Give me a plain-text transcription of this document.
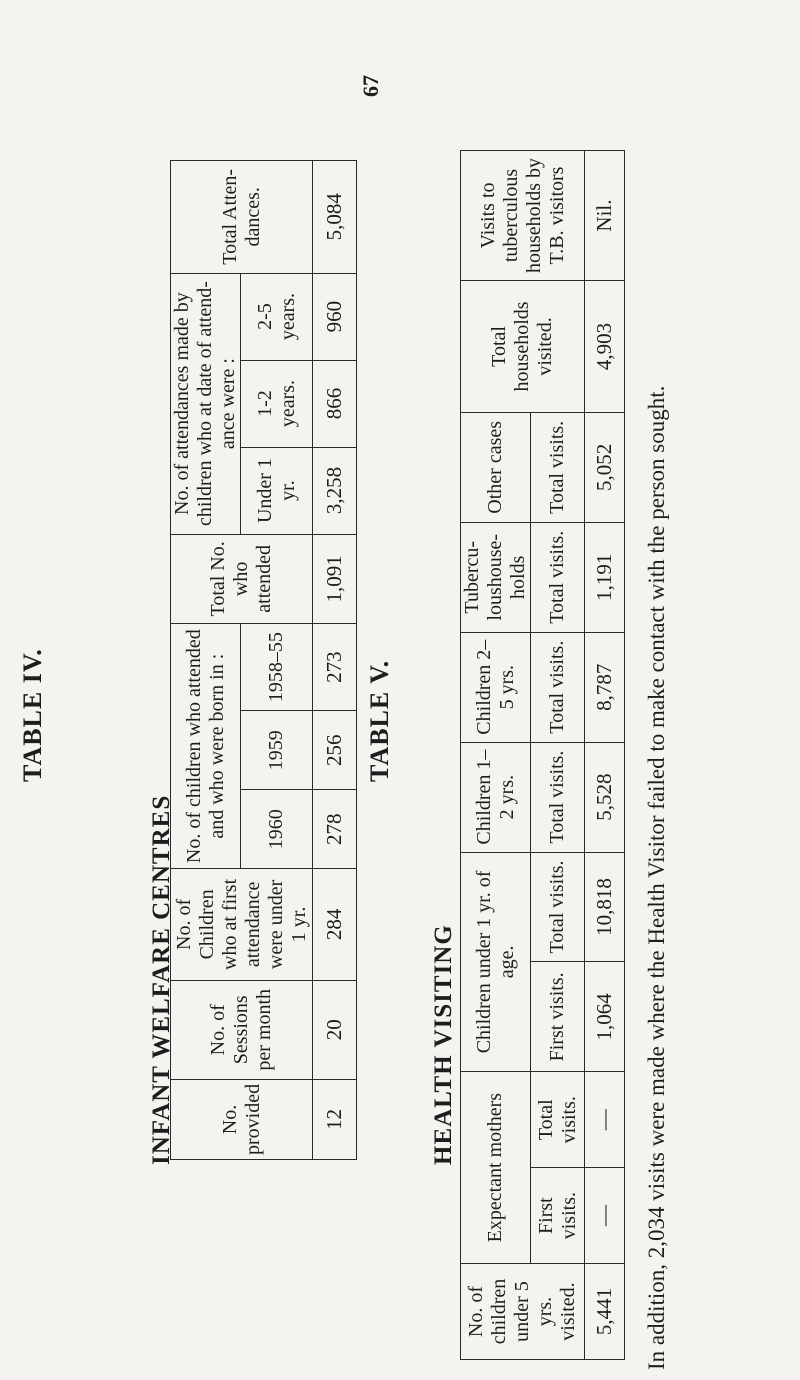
67
TABLE IV.
INFANT WELFARE CENTRES No. provided	No. of Sessions per month	No. of Children who at first attendance were under 1 yr.	No. of children who attended and who were born in :			Total No. who attended	No. of attendances made by children who at date of attend- ance were :			Total Atten- dances.
			1960	1959	1958–55		Under 1 yr.	1-2 years.	2-5 years.	
12	20	284	278	256	273	1,091	3,258	866	960	5,084
TABLE V.
HEALTH VISITING
No. of children under 5 yrs. visited.	Expectant mothers		Children under 1 yr. of age.		Children 1–2 yrs.	Children 2–5 yrs.	Tubercu- loushouse- holds	Other cases	Total households visited.	Visits to tuberculous households by T.B. visitors
	First visits.	Total visits.	First visits.	Total visits.	Total visits.	Total visits.	Total visits.	Total visits.		
5,441	—	—	1,064	10,818	5,528	8,787	1,191	5,052	4,903	Nil.
In addition, 2,034 visits were made where the Health Visitor failed to make contact with the person sought.
